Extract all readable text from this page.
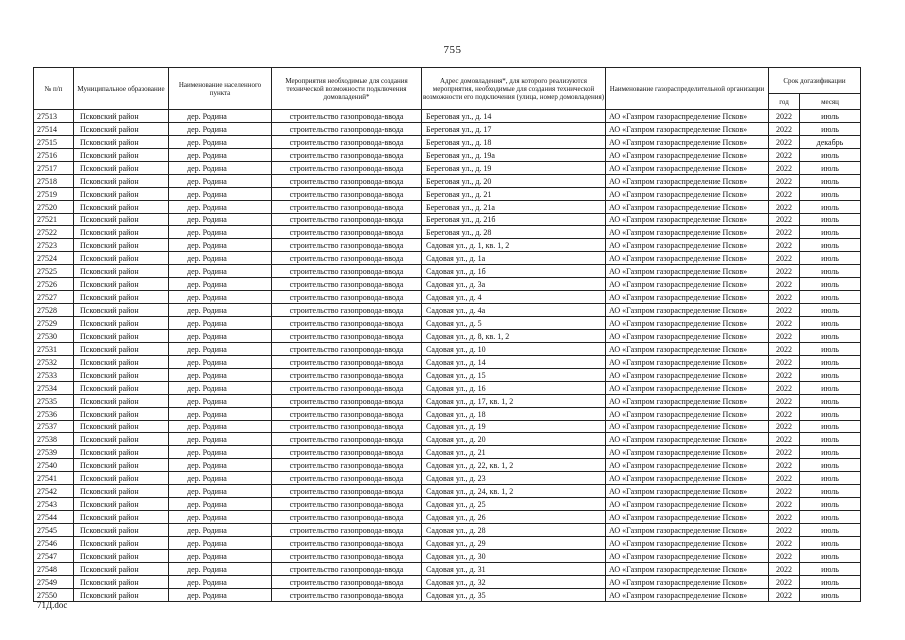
755
№ п/п	Муниципальное образование	Наименование населенного пункта	Мероприятия необходимые для создания технической возможности подключения домовладений*	Адрес домовладения*, для которого реализуются мероприятия, необходимые для создания технической возможности его подключения (улица, номер домовладения)	Наименование газораспределительной организации	Срок догазификации	
						год	месяц
27513	Псковский район	дер. Родина	строительство газопровода-ввода	Береговая ул., д. 14	АО «Газпром газораспределение Псков»	2022	июль
27514	Псковский район	дер. Родина	строительство газопровода-ввода	Береговая ул., д. 17	АО «Газпром газораспределение Псков»	2022	июль
27515	Псковский район	дер. Родина	строительство газопровода-ввода	Береговая ул., д. 18	АО «Газпром газораспределение Псков»	2022	декабрь
27516	Псковский район	дер. Родина	строительство газопровода-ввода	Береговая ул., д. 19а	АО «Газпром газораспределение Псков»	2022	июль
27517	Псковский район	дер. Родина	строительство газопровода-ввода	Береговая ул., д. 19	АО «Газпром газораспределение Псков»	2022	июль
27518	Псковский район	дер. Родина	строительство газопровода-ввода	Береговая ул., д. 20	АО «Газпром газораспределение Псков»	2022	июль
27519	Псковский район	дер. Родина	строительство газопровода-ввода	Береговая ул., д. 21	АО «Газпром газораспределение Псков»	2022	июль
27520	Псковский район	дер. Родина	строительство газопровода-ввода	Береговая ул., д. 21а	АО «Газпром газораспределение Псков»	2022	июль
27521	Псковский район	дер. Родина	строительство газопровода-ввода	Береговая ул., д. 21б	АО «Газпром газораспределение Псков»	2022	июль
27522	Псковский район	дер. Родина	строительство газопровода-ввода	Береговая ул., д. 28	АО «Газпром газораспределение Псков»	2022	июль
27523	Псковский район	дер. Родина	строительство газопровода-ввода	Садовая ул., д. 1, кв. 1, 2	АО «Газпром газораспределение Псков»	2022	июль
27524	Псковский район	дер. Родина	строительство газопровода-ввода	Садовая ул., д. 1а	АО «Газпром газораспределение Псков»	2022	июль
27525	Псковский район	дер. Родина	строительство газопровода-ввода	Садовая ул., д. 1б	АО «Газпром газораспределение Псков»	2022	июль
27526	Псковский район	дер. Родина	строительство газопровода-ввода	Садовая ул., д. 3а	АО «Газпром газораспределение Псков»	2022	июль
27527	Псковский район	дер. Родина	строительство газопровода-ввода	Садовая ул., д. 4	АО «Газпром газораспределение Псков»	2022	июль
27528	Псковский район	дер. Родина	строительство газопровода-ввода	Садовая ул., д. 4а	АО «Газпром газораспределение Псков»	2022	июль
27529	Псковский район	дер. Родина	строительство газопровода-ввода	Садовая ул., д. 5	АО «Газпром газораспределение Псков»	2022	июль
27530	Псковский район	дер. Родина	строительство газопровода-ввода	Садовая ул., д. 8, кв. 1, 2	АО «Газпром газораспределение Псков»	2022	июль
27531	Псковский район	дер. Родина	строительство газопровода-ввода	Садовая ул., д. 10	АО «Газпром газораспределение Псков»	2022	июль
27532	Псковский район	дер. Родина	строительство газопровода-ввода	Садовая ул., д. 14	АО «Газпром газораспределение Псков»	2022	июль
27533	Псковский район	дер. Родина	строительство газопровода-ввода	Садовая ул., д. 15	АО «Газпром газораспределение Псков»	2022	июль
27534	Псковский район	дер. Родина	строительство газопровода-ввода	Садовая ул., д. 16	АО «Газпром газораспределение Псков»	2022	июль
27535	Псковский район	дер. Родина	строительство газопровода-ввода	Садовая ул., д. 17, кв. 1, 2	АО «Газпром газораспределение Псков»	2022	июль
27536	Псковский район	дер. Родина	строительство газопровода-ввода	Садовая ул., д. 18	АО «Газпром газораспределение Псков»	2022	июль
27537	Псковский район	дер. Родина	строительство газопровода-ввода	Садовая ул., д. 19	АО «Газпром газораспределение Псков»	2022	июль
27538	Псковский район	дер. Родина	строительство газопровода-ввода	Садовая ул., д. 20	АО «Газпром газораспределение Псков»	2022	июль
27539	Псковский район	дер. Родина	строительство газопровода-ввода	Садовая ул., д. 21	АО «Газпром газораспределение Псков»	2022	июль
27540	Псковский район	дер. Родина	строительство газопровода-ввода	Садовая ул., д. 22, кв. 1, 2	АО «Газпром газораспределение Псков»	2022	июль
27541	Псковский район	дер. Родина	строительство газопровода-ввода	Садовая ул., д. 23	АО «Газпром газораспределение Псков»	2022	июль
27542	Псковский район	дер. Родина	строительство газопровода-ввода	Садовая ул., д. 24, кв. 1, 2	АО «Газпром газораспределение Псков»	2022	июль
27543	Псковский район	дер. Родина	строительство газопровода-ввода	Садовая ул., д. 25	АО «Газпром газораспределение Псков»	2022	июль
27544	Псковский район	дер. Родина	строительство газопровода-ввода	Садовая ул., д. 26	АО «Газпром газораспределение Псков»	2022	июль
27545	Псковский район	дер. Родина	строительство газопровода-ввода	Садовая ул., д. 28	АО «Газпром газораспределение Псков»	2022	июль
27546	Псковский район	дер. Родина	строительство газопровода-ввода	Садовая ул., д. 29	АО «Газпром газораспределение Псков»	2022	июль
27547	Псковский район	дер. Родина	строительство газопровода-ввода	Садовая ул., д. 30	АО «Газпром газораспределение Псков»	2022	июль
27548	Псковский район	дер. Родина	строительство газопровода-ввода	Садовая ул., д. 31	АО «Газпром газораспределение Псков»	2022	июль
27549	Псковский район	дер. Родина	строительство газопровода-ввода	Садовая ул., д. 32	АО «Газпром газораспределение Псков»	2022	июль
27550	Псковский район	дер. Родина	строительство газопровода-ввода	Садовая ул., д. 35	АО «Газпром газораспределение Псков»	2022	июль
71Д.doc
